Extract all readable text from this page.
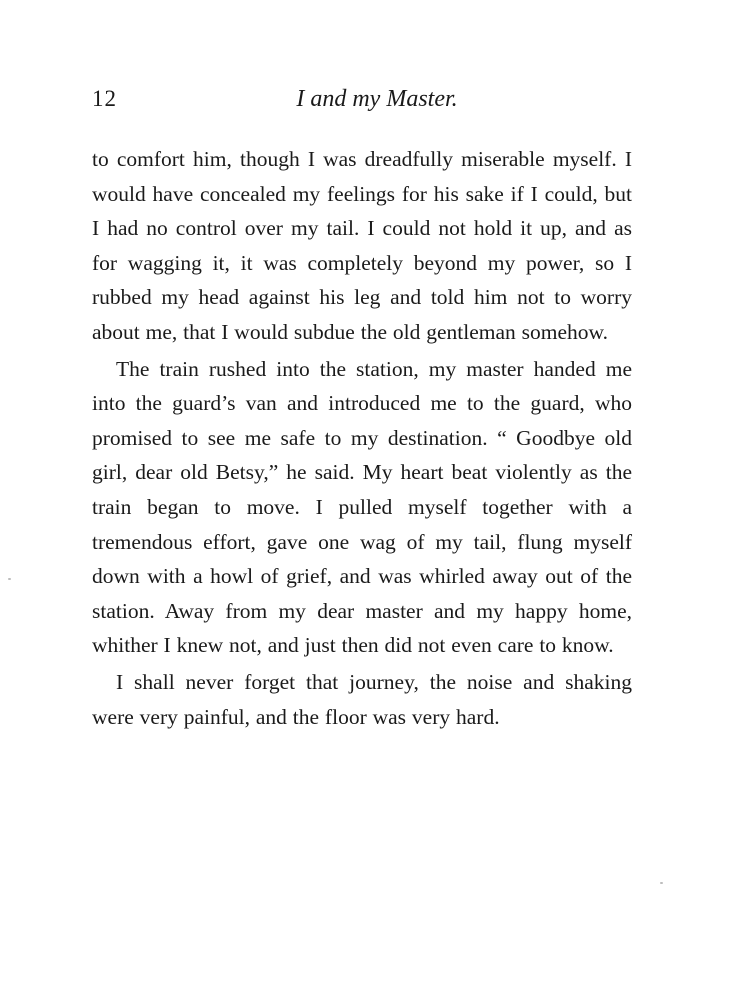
12	I and my Master.

to comfort him, though I was dreadfully miserable myself. I would have concealed my feelings for his sake if I could, but I had no control over my tail. I could not hold it up, and as for wagging it, it was completely beyond my power, so I rubbed my head against his leg and told him not to worry about me, that I would subdue the old gentleman somehow.

The train rushed into the station, my master handed me into the guard’s van and introduced me to the guard, who promised to see me safe to my destination. “ Goodbye old girl, dear old Betsy,” he said. My heart beat violently as the train began to move. I pulled myself together with a tremendous effort, gave one wag of my tail, flung myself down with a howl of grief, and was whirled away out of the station. Away from my dear master and my happy home, whither I knew not, and just then did not even care to know.

I shall never forget that journey, the noise and shaking were very painful, and the floor was very hard.
